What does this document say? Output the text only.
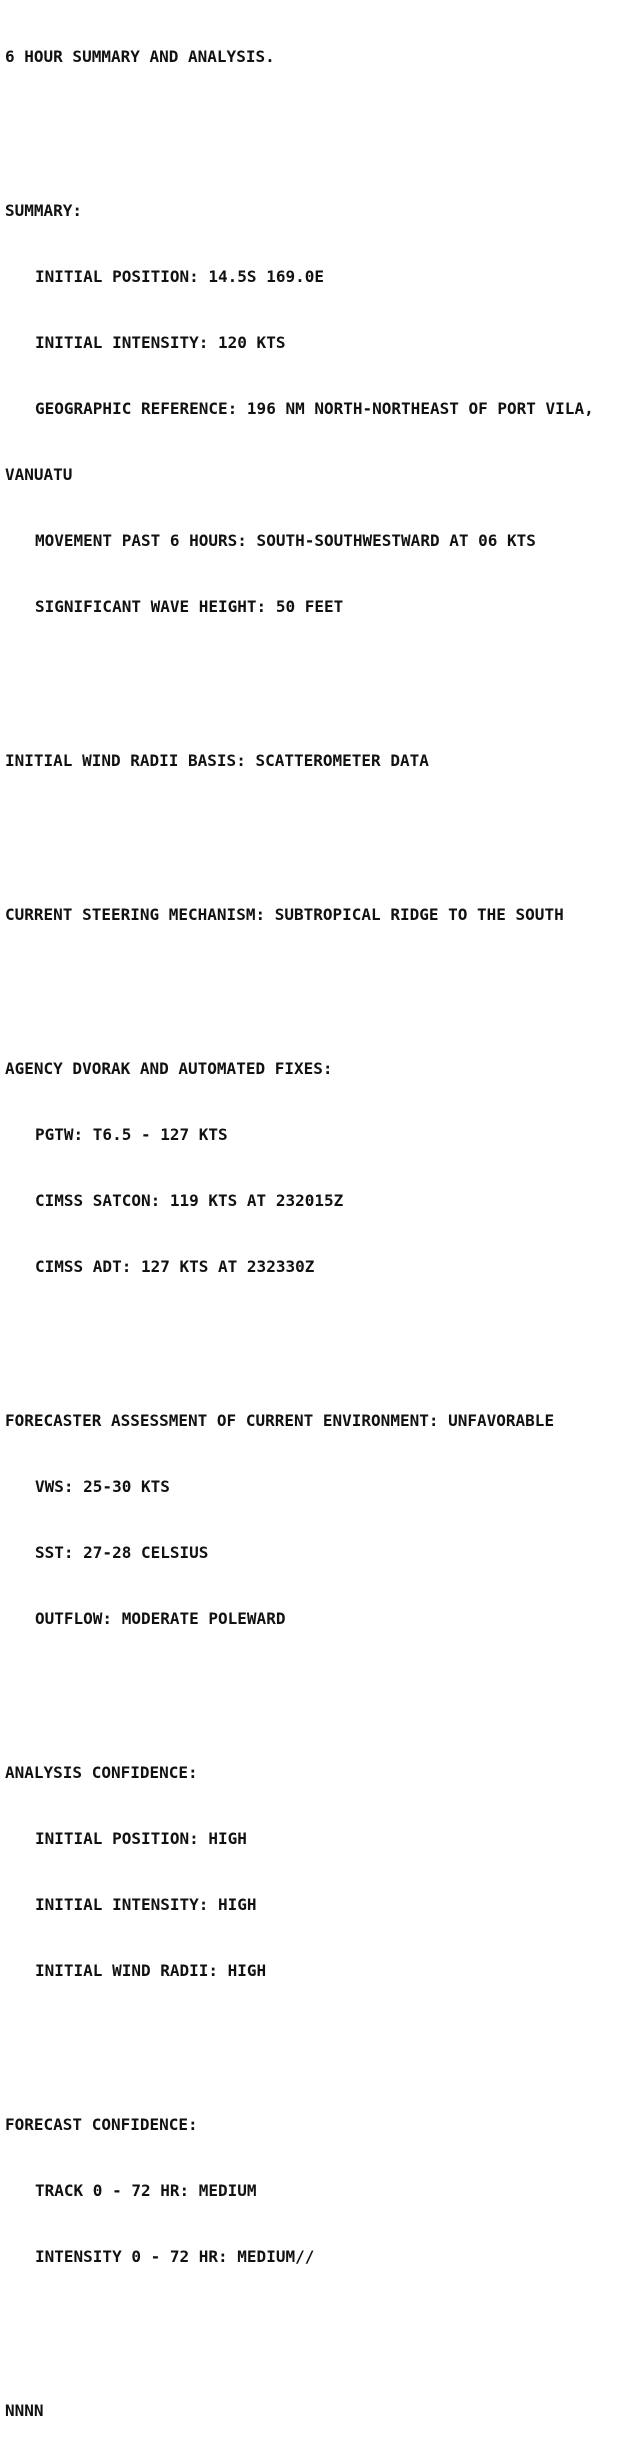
6 HOUR SUMMARY AND ANALYSIS.

SUMMARY:

INITIAL POSITION: 14.5S 169.0E

INITIAL INTENSITY: 120 KTS

GEOGRAPHIC REFERENCE: 196 NM NORTH-NORTHEAST OF PORT VILA,

VANUATU

MOVEMENT PAST 6 HOURS: SOUTH-SOUTHWESTWARD AT 06 KTS

SIGNIFICANT WAVE HEIGHT: 50 FEET

INITIAL WIND RADII BASIS: SCATTEROMETER DATA

CURRENT STEERING MECHANISM: SUBTROPICAL RIDGE TO THE SOUTH

AGENCY DVORAK AND AUTOMATED FIXES:

PGTW: T6.5 - 127 KTS

CIMSS SATCON: 119 KTS AT 232015Z

CIMSS ADT: 127 KTS AT 232330Z

FORECASTER ASSESSMENT OF CURRENT ENVIRONMENT: UNFAVORABLE

VWS: 25-30 KTS

SST: 27-28 CELSIUS

OUTFLOW: MODERATE POLEWARD

ANALYSIS CONFIDENCE:

INITIAL POSITION: HIGH

INITIAL INTENSITY: HIGH

INITIAL WIND RADII: HIGH

FORECAST CONFIDENCE:

TRACK 0 - 72 HR: MEDIUM

INTENSITY 0 - 72 HR: MEDIUM//

NNNN
